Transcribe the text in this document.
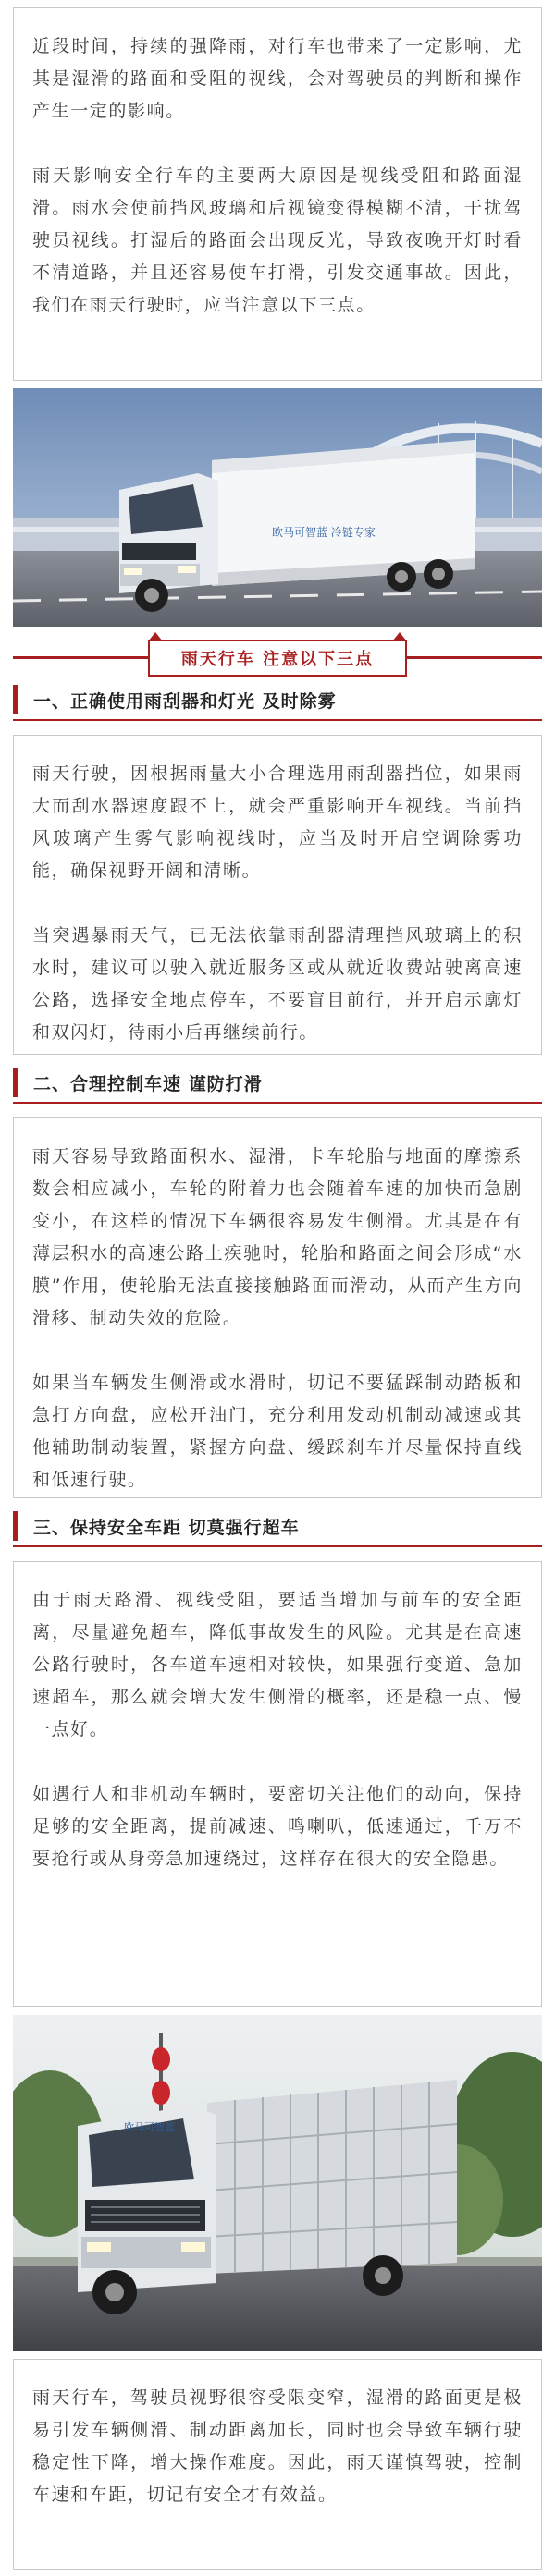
近段时间，持续的强降雨，对行车也带来了一定影响，尤其是湿滑的路面和受阻的视线，会对驾驶员的判断和操作产生一定的影响。

雨天影响安全行车的主要两大原因是视线受阻和路面湿滑。雨水会使前挡风玻璃和后视镜变得模糊不清，干扰驾驶员视线。打湿后的路面会出现反光，导致夜晚开灯时看不清道路，并且还容易使车打滑，引发交通事故。因此，我们在雨天行驶时，应当注意以下三点。

欧马可智蓝 冷链专家
雨天行车 注意以下三点
一、正确使用雨刮器和灯光 及时除雾

雨天行驶，因根据雨量大小合理选用雨刮器挡位，如果雨大而刮水器速度跟不上，就会严重影响开车视线。当前挡风玻璃产生雾气影响视线时，应当及时开启空调除雾功能，确保视野开阔和清晰。

当突遇暴雨天气，已无法依靠雨刮器清理挡风玻璃上的积水时，建议可以驶入就近服务区或从就近收费站驶离高速公路，选择安全地点停车，不要盲目前行，并开启示廓灯和双闪灯，待雨小后再继续前行。

二、合理控制车速 谨防打滑

雨天容易导致路面积水、湿滑，卡车轮胎与地面的摩擦系数会相应减小，车轮的附着力也会随着车速的加快而急剧变小，在这样的情况下车辆很容易发生侧滑。尤其是在有薄层积水的高速公路上疾驰时，轮胎和路面之间会形成“水膜”作用，使轮胎无法直接接触路面而滑动，从而产生方向滑移、制动失效的危险。

如果当车辆发生侧滑或水滑时，切记不要猛踩制动踏板和急打方向盘，应松开油门，充分利用发动机制动减速或其他辅助制动装置，紧握方向盘、缓踩刹车并尽量保持直线和低速行驶。

三、保持安全车距 切莫强行超车

由于雨天路滑、视线受阻，要适当增加与前车的安全距离，尽量避免超车，降低事故发生的风险。尤其是在高速公路行驶时，各车道车速相对较快，如果强行变道、急加速超车，那么就会增大发生侧滑的概率，还是稳一点、慢一点好。

如遇行人和非机动车辆时，要密切关注他们的动向，保持足够的安全距离，提前减速、鸣喇叭，低速通过，千万不要抢行或从身旁急加速绕过，这样存在很大的安全隐患。

欧马可智蓝

雨天行车，驾驶员视野很容受限变窄，湿滑的路面更是极易引发车辆侧滑、制动距离加长，同时也会导致车辆行驶稳定性下降，增大操作难度。因此，雨天谨慎驾驶，控制车速和车距，切记有安全才有效益。
